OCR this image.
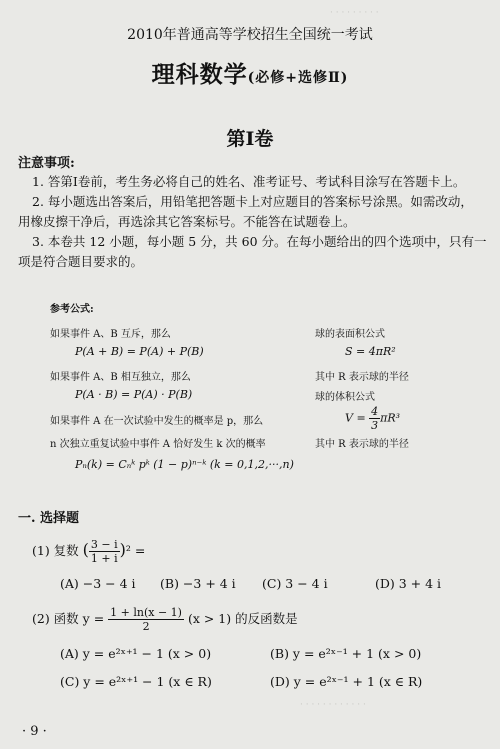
· · · · · · · · ·
2010年普通高等学校招生全国统一考试
理科数学(必修+选修Ⅱ)
第Ⅰ卷
注意事项:
1. 答第Ⅰ卷前，考生务必将自己的姓名、准考证号、考试科目涂写在答题卡上。
2. 每小题选出答案后，用铅笔把答题卡上对应题目的答案标号涂黑。如需改动，
用橡皮擦干净后，再选涂其它答案标号。不能答在试题卷上。
3. 本卷共 12 小题，每小题 5 分，共 60 分。在每小题给出的四个选项中，只有一
项是符合题目要求的。
参考公式:
如果事件 A、B 互斥，那么
P(A + B) = P(A) + P(B)
如果事件 A、B 相互独立，那么
P(A · B) = P(A) · P(B)
如果事件 A 在一次试验中发生的概率是 p，那么
n 次独立重复试验中事件 A 恰好发生 k 次的概率
Pₙ(k) = Cₙᵏ pᵏ (1 − p)ⁿ⁻ᵏ (k = 0,1,2,···,n)
球的表面积公式
S = 4πR²
其中 R 表示球的半径
球的体积公式
$V = \frac{4}{3} \pi R^3$
其中 R 表示球的半径
一. 选择题
(1) 复数 ( $\frac{3 - i}{1 + i} )^2$ =
(A) −3 − 4 i (B) −3 + 4 i (C) 3 − 4 i	(D) 3 + 4 i
(2) 函数 $y = \frac{1 + \ln(x - 1)}{2} (x > 1)$ 的反函数是
(A) y = e²ˣ⁺¹ − 1 (x > 0)	(B) y = e²ˣ⁻¹ + 1 (x > 0)
(C) y = e²ˣ⁺¹ − 1 (x ∈ R)	(D) y = e²ˣ⁻¹ + 1 (x ∈ R)
· · · · · · · · · · · ·
· 9 ·
